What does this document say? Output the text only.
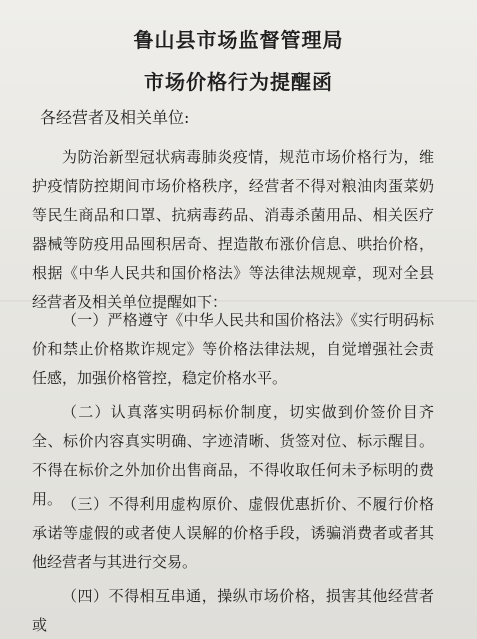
鲁山县市场监督管理局
市场价格行为提醒函
各经营者及相关单位:

为防治新型冠状病毒肺炎疫情，规范市场价格行为，维护疫情防控期间市场价格秩序，经营者不得对粮油肉蛋菜奶等民生商品和口罩、抗病毒药品、消毒杀菌用品、相关医疗器械等防疫用品囤积居奇、捏造散布涨价信息、哄抬价格，根据《中华人民共和国价格法》等法律法规规章，现对全县经营者及相关单位提醒如下：

（一）严格遵守《中华人民共和国价格法》《实行明码标价和禁止价格欺诈规定》等价格法律法规，自觉增强社会责任感，加强价格管控，稳定价格水平。

（二）认真落实明码标价制度，切实做到价签价目齐全、标价内容真实明确、字迹清晰、货签对位、标示醒目。不得在标价之外加价出售商品，不得收取任何未予标明的费用。 （三）不得利用虚构原价、虚假优惠折价、不履行价格承诺等虚假的或者使人误解的价格手段，诱骗消费者或者其他经营者与其进行交易。

（四）不得相互串通，操纵市场价格，损害其他经营者或
